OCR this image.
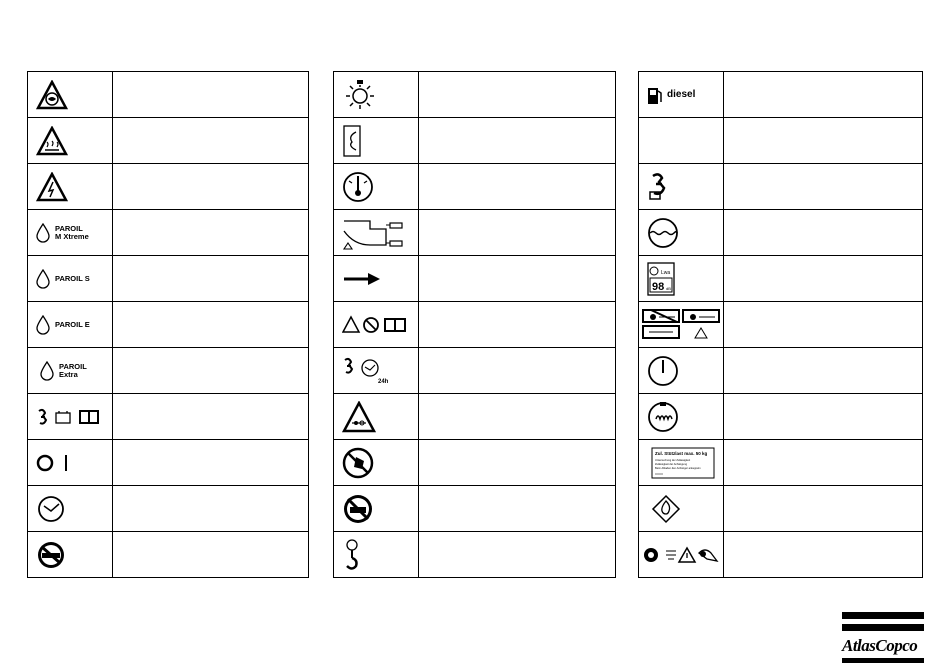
PAROIL
M Xtreme
PAROIL S
PAROIL E
PAROIL
Extra
24h
diesel
Lwa
98 dB
Zul. Stützlast max. 50 kg
Untersuchung der Zulässigkeit
Zulässigkeit der Anhängung
Beim Abladen den Anhänger ankuppeln
AtlasCopco
